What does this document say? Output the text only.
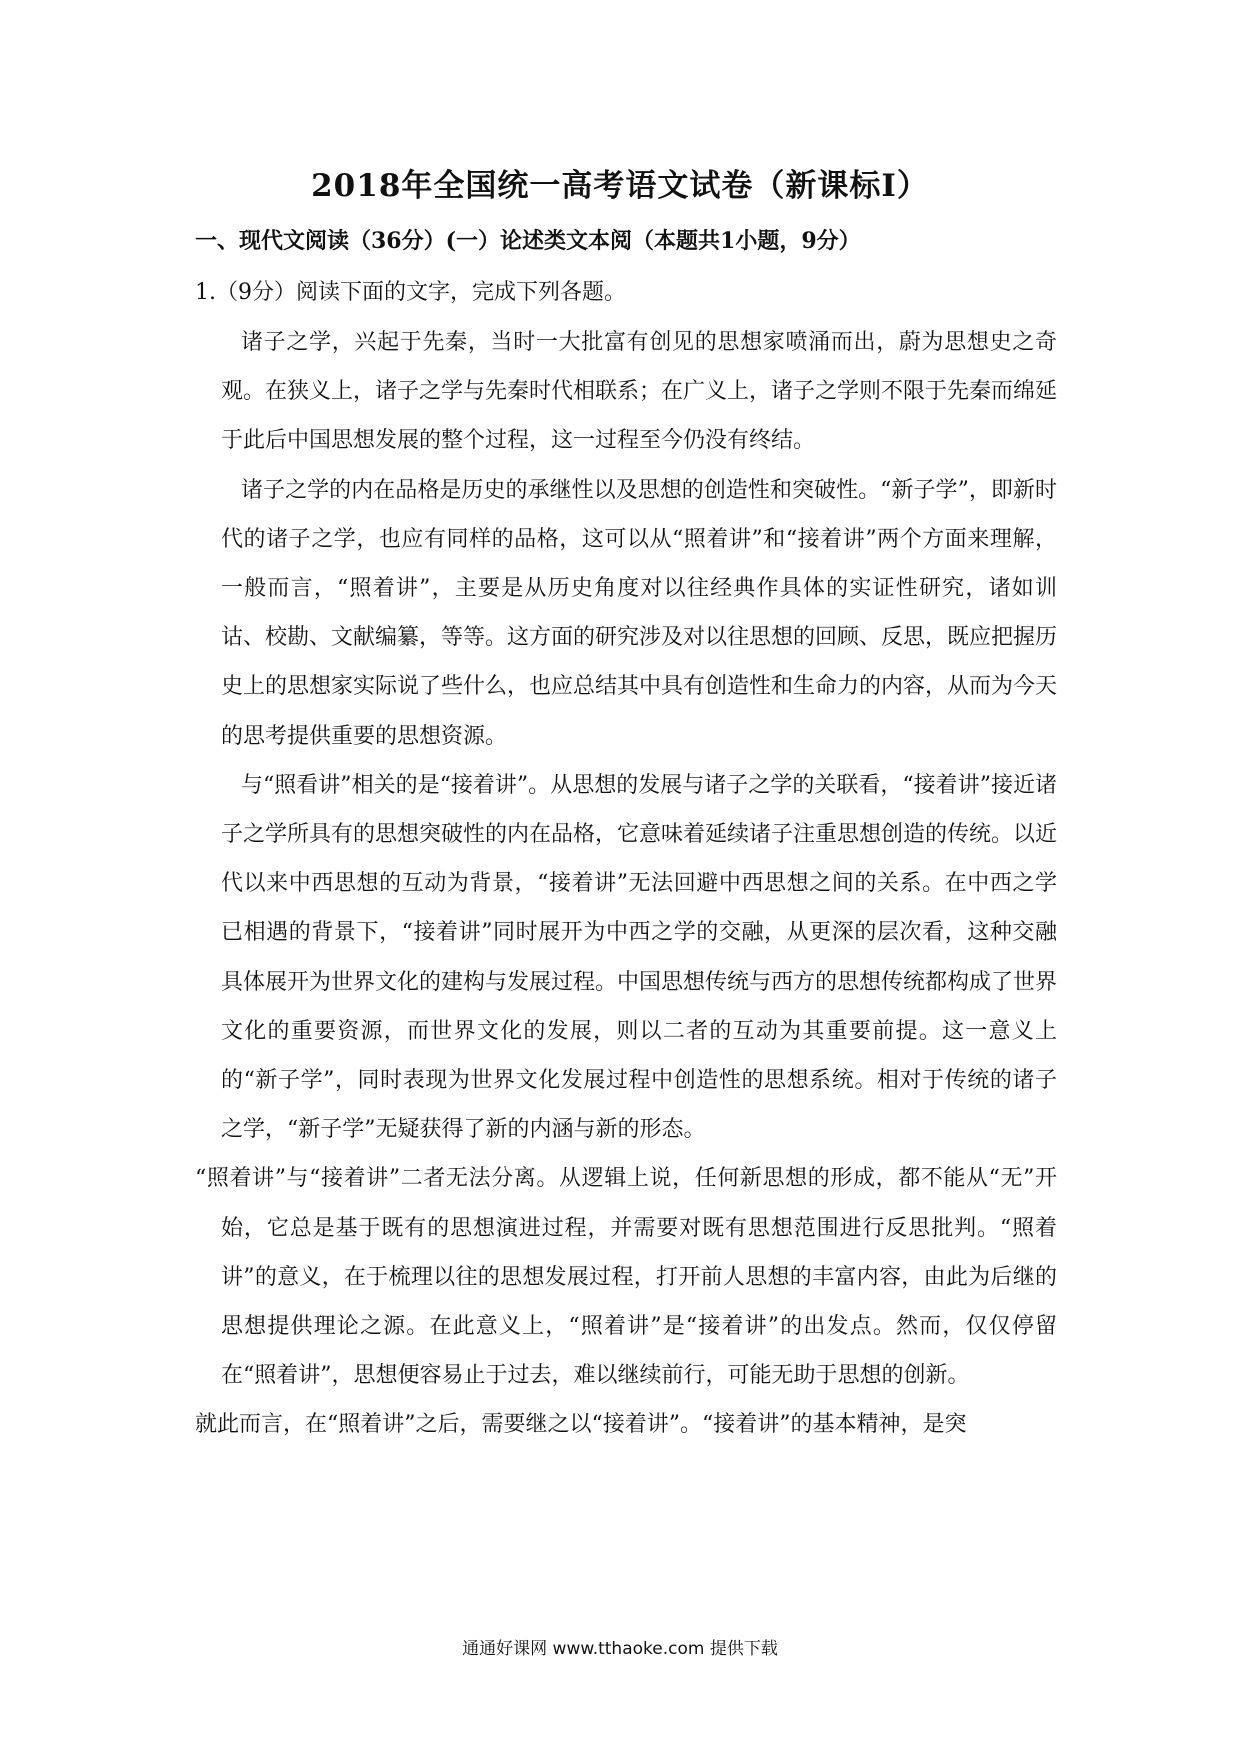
2018年全国统一高考语文试卷（新课标Ⅰ）
一、现代文阅读（36分）(一）论述类文本阅（本题共1小题，9分）

1.（9分）阅读下面的文字，完成下列各题。

诸子之学，兴起于先秦，当时一大批富有创见的思想家喷涌而出，蔚为思想史之奇观。在狭义上，诸子之学与先秦时代相联系；在广义上，诸子之学则不限于先秦而绵延于此后中国思想发展的整个过程，这一过程至今仍没有终结。

诸子之学的内在品格是历史的承继性以及思想的创造性和突破性。“新子学”，即新时代的诸子之学，也应有同样的品格，这可以从“照着讲”和“接着讲”两个方面来理解，一般而言，“照着讲”，主要是从历史角度对以往经典作具体的实证性研究，诸如训诂、校勘、文献编纂，等等。这方面的研究涉及对以往思想的回顾、反思，既应把握历史上的思想家实际说了些什么，也应总结其中具有创造性和生命力的内容，从而为今天的思考提供重要的思想资源。

与“照看讲”相关的是“接着讲”。从思想的发展与诸子之学的关联看，“接着讲”接近诸子之学所具有的思想突破性的内在品格，它意味着延续诸子注重思想创造的传统。以近代以来中西思想的互动为背景，“接着讲”无法回避中西思想之间的关系。在中西之学已相遇的背景下，“接着讲”同时展开为中西之学的交融，从更深的层次看，这种交融具体展开为世界文化的建构与发展过程。中国思想传统与西方的思想传统都构成了世界文化的重要资源，而世界文化的发展，则以二者的互动为其重要前提。这一意义上的“新子学”，同时表现为世界文化发展过程中创造性的思想系统。相对于传统的诸子之学，“新子学”无疑获得了新的内涵与新的形态。

“照着讲”与“接着讲”二者无法分离。从逻辑上说，任何新思想的形成，都不能从“无”开始，它总是基于既有的思想演进过程，并需要对既有思想范围进行反思批判。“照着讲”的意义，在于梳理以往的思想发展过程，打开前人思想的丰富内容，由此为后继的思想提供理论之源。在此意义上，“照着讲”是“接着讲”的出发点。然而，仅仅停留在“照着讲”，思想便容易止于过去，难以继续前行，可能无助于思想的创新。

就此而言，在“照着讲”之后，需要继之以“接着讲”。“接着讲”的基本精神，是突

通通好课网 www.tthaoke.com 提供下载
